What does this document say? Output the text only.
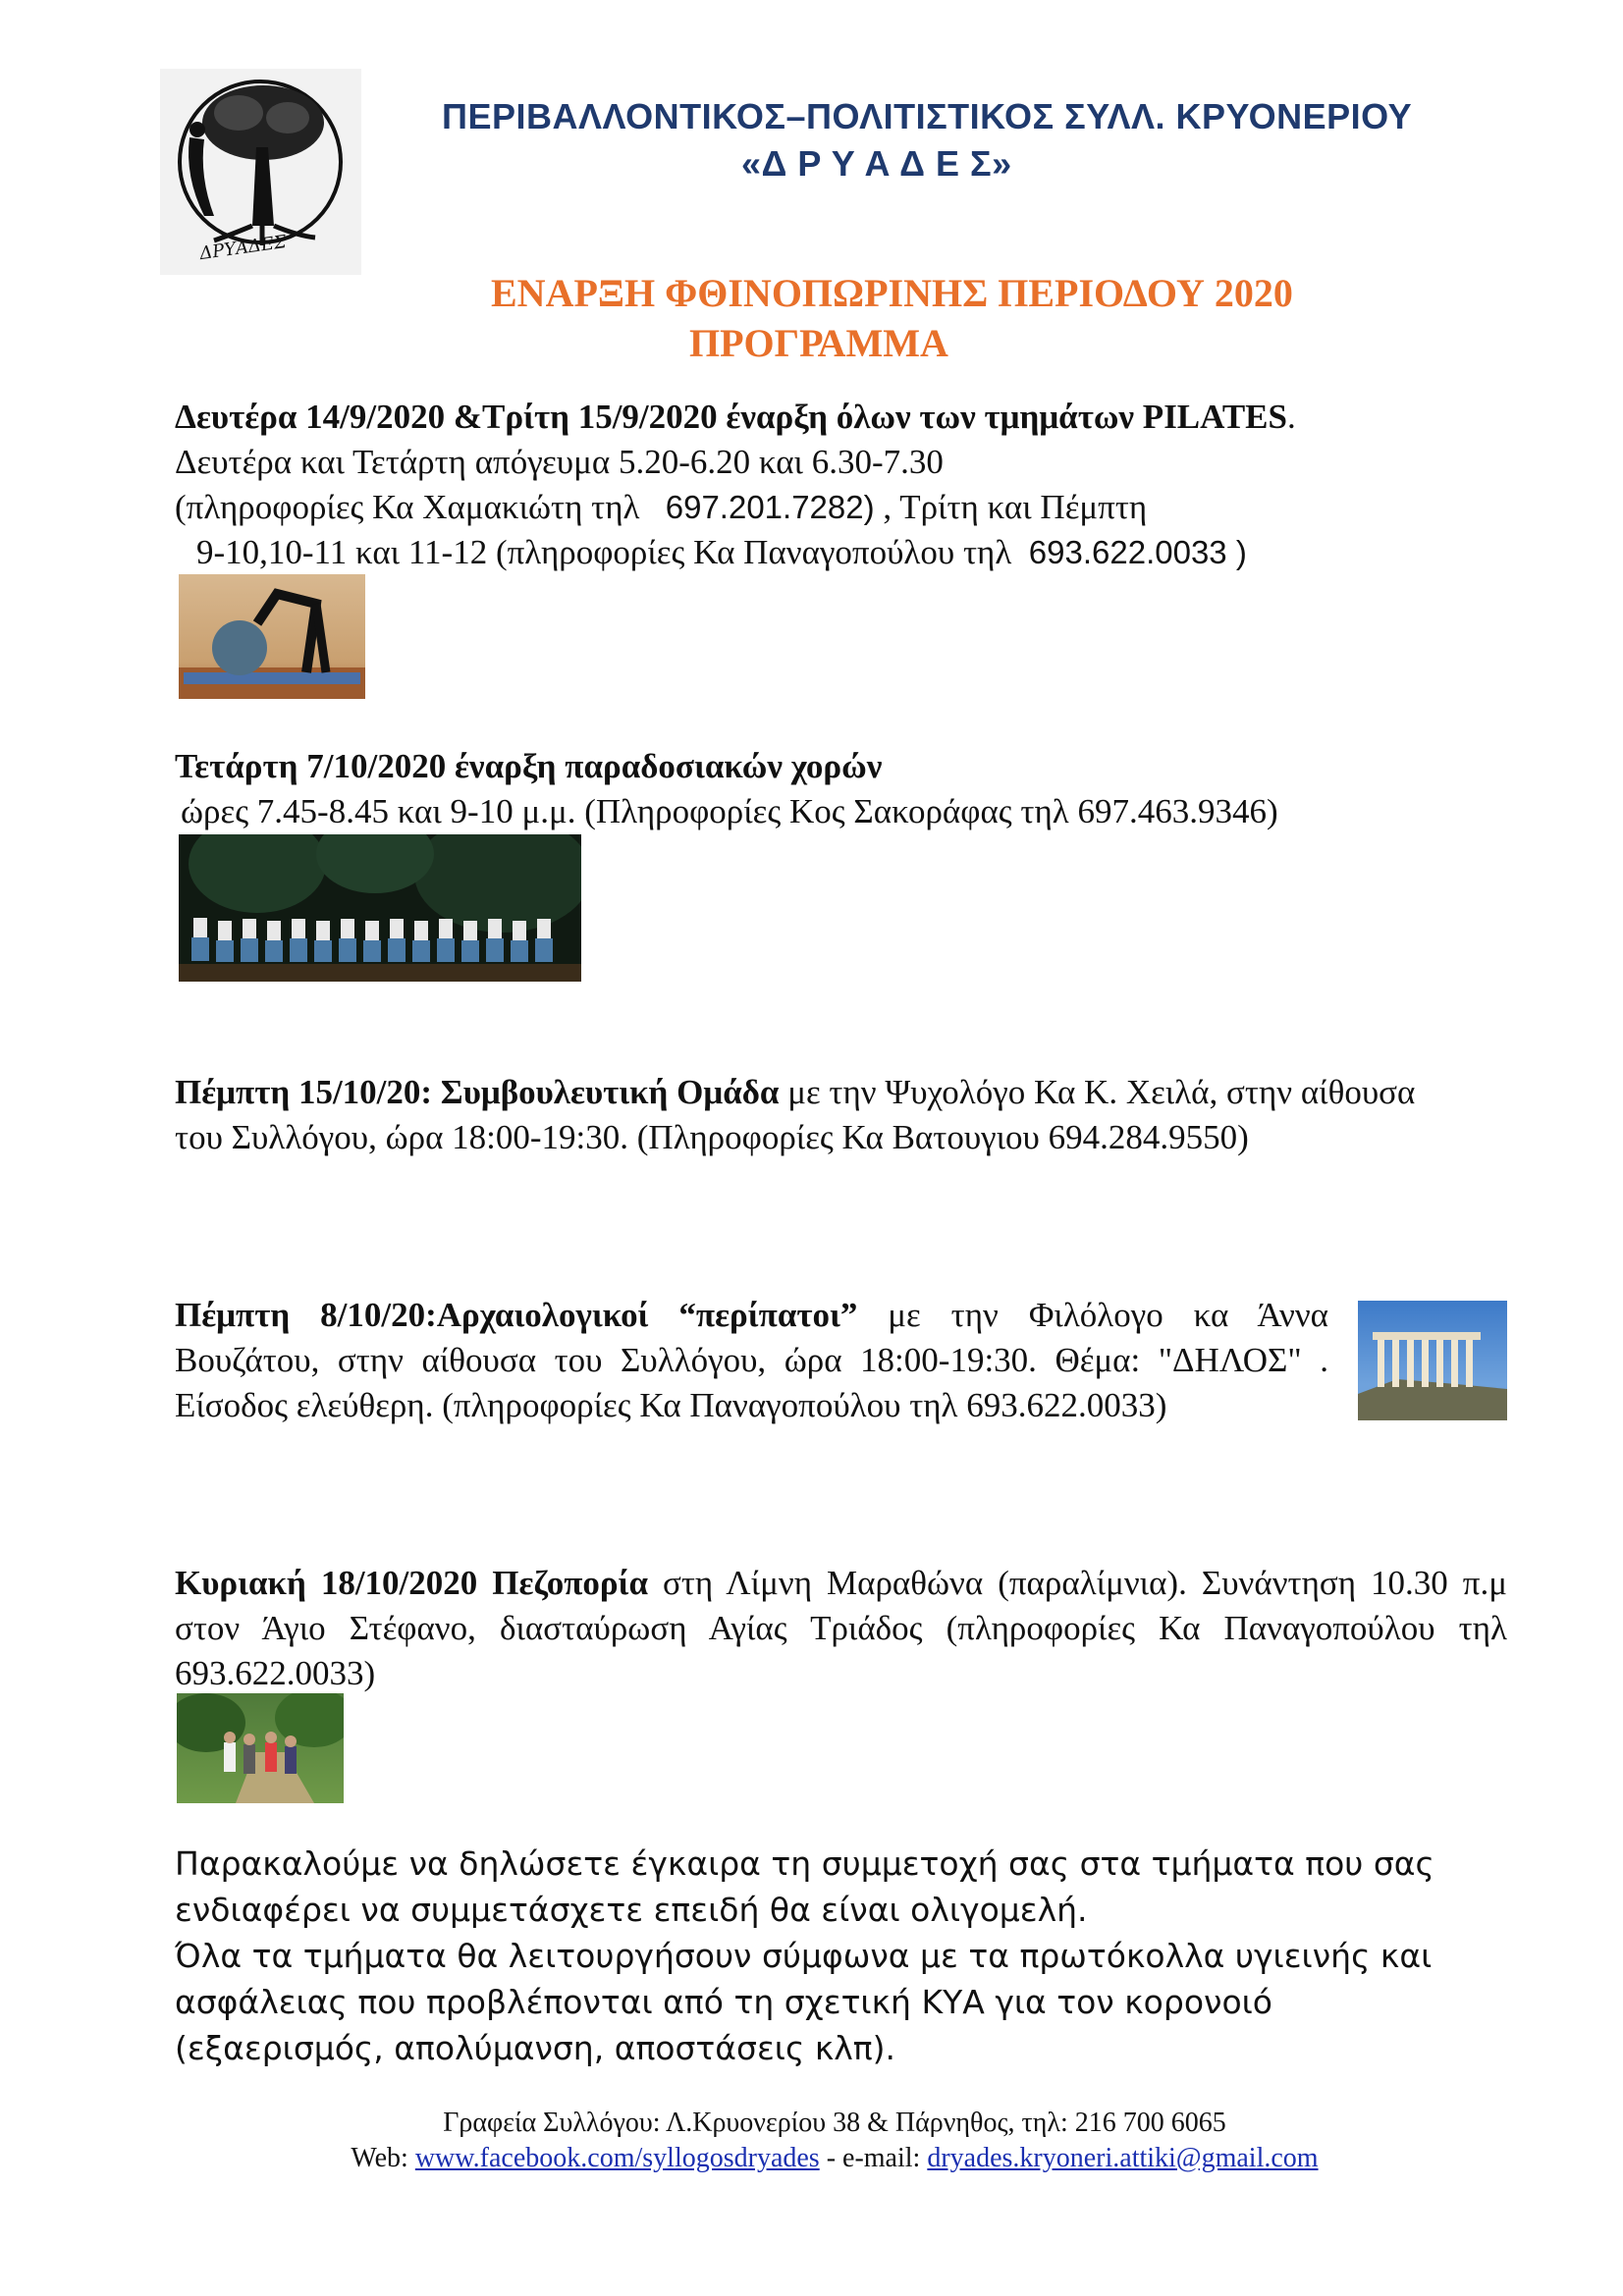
ΔΡΥΑΔΕΣ
ΠΕΡΙΒΑΛΛΟΝΤΙΚΟΣ–ΠΟΛΙΤΙΣΤΙΚΟΣ ΣΥΛΛ. ΚΡΥΟΝΕΡΙΟΥ
«Δ Ρ Υ Α Δ Ε Σ»
ΕΝΑΡΞΗ ΦΘΙΝΟΠΩΡΙΝΗΣ ΠΕΡΙΟΔΟΥ 2020
ΠΡΟΓΡΑΜΜΑ
Δευτέρα 14/9/2020 &Τρίτη 15/9/2020 έναρξη όλων των τμημάτων PILATES.
Δευτέρα και Τετάρτη απόγευμα 5.20-6.20 και 6.30-7.30
(πληροφορίες Κα Χαμακιώτη τηλ   697.201.7282) , Τρίτη και Πέμπτη
9-10,10-11 και 11-12 (πληροφορίες Κα Παναγοπούλου τηλ  693.622.0033 )
Τετάρτη 7/10/2020 έναρξη παραδοσιακών χορών
ώρες 7.45-8.45 και 9-10 μ.μ. (Πληροφορίες Κος Σακοράφας τηλ 697.463.9346)
Πέμπτη 15/10/20: Συμβουλευτική Ομάδα με την Ψυχολόγο Κα Κ. Χειλά, στην αίθουσα του Συλλόγου, ώρα 18:00-19:30. (Πληροφορίες Κα Βατουγιου 694.284.9550)
Πέμπτη 8/10/20:Αρχαιολογικοί “περίπατοι” με την Φιλόλογο κα Άννα Βουζάτου, στην αίθουσα του Συλλόγου, ώρα 18:00-19:30. Θέμα: "ΔΗΛΟΣ" . Είσοδος ελεύθερη. (πληροφορίες Κα Παναγοπούλου τηλ 693.622.0033)
Κυριακή 18/10/2020 Πεζοπορία στη Λίμνη Μαραθώνα (παραλίμνια). Συνάντηση 10.30 π.μ στον Άγιο Στέφανο, διασταύρωση Αγίας Τριάδος (πληροφορίες Κα Παναγοπούλου τηλ 693.622.0033)
Παρακαλούμε να δηλώσετε έγκαιρα τη συμμετοχή σας στα τμήματα που σας ενδιαφέρει να συμμετάσχετε επειδή θα είναι ολιγομελή.
Όλα τα τμήματα θα λειτουργήσουν σύμφωνα με τα πρωτόκολλα υγιεινής και ασφάλειας που προβλέπονται από τη σχετική ΚΥΑ για τον κορονοιό (εξαερισμός, απολύμανση, αποστάσεις κλπ).
Γραφεία Συλλόγου: Λ.Κρυονερίου 38 & Πάρνηθος, τηλ: 216 700 6065
Web: www.facebook.com/syllogosdryades - e-mail: dryades.kryoneri.attiki@gmail.com
